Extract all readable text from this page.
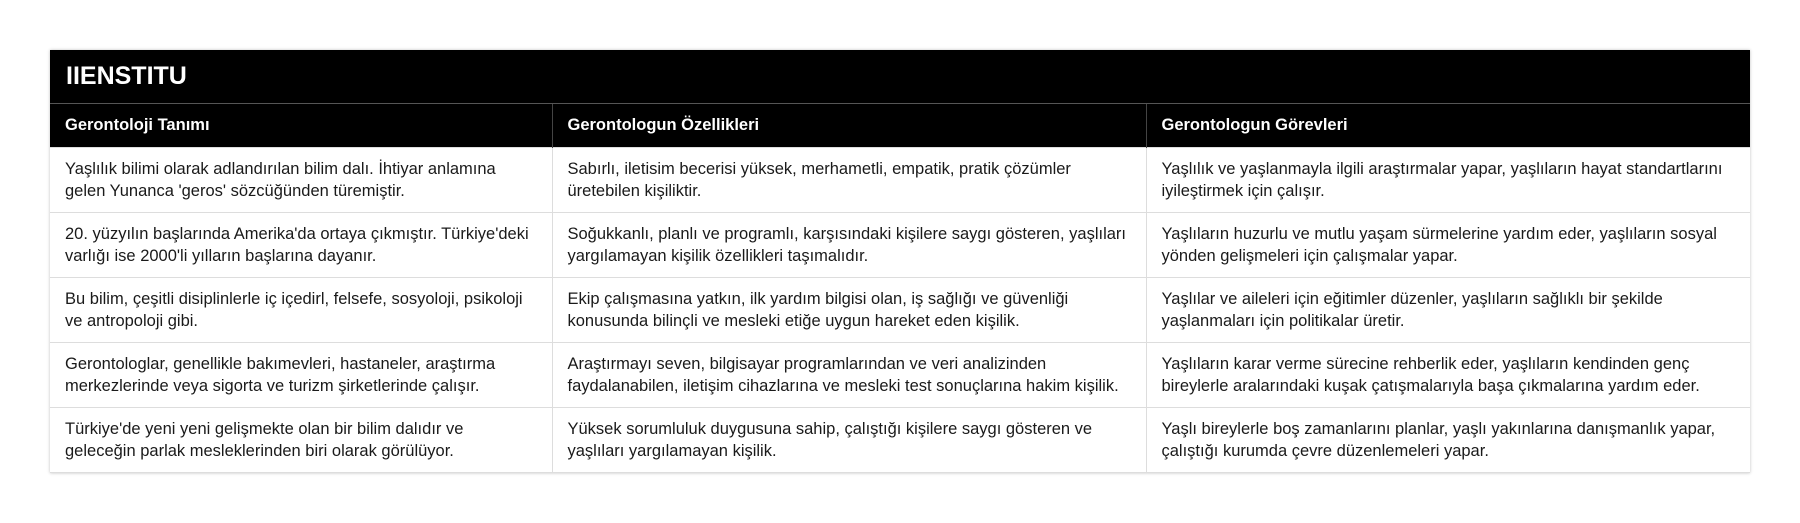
IIENSTITU
Gerontoloji Tanımı	Gerontologun Özellikleri	Gerontologun Görevleri
Yaşlılık bilimi olarak adlandırılan bilim dalı. İhtiyar anlamına gelen Yunanca 'geros' sözcüğünden türemiştir.	Sabırlı, iletisim becerisi yüksek, merhametli, empatik, pratik çözümler üretebilen kişiliktir.	Yaşlılık ve yaşlanmayla ilgili araştırmalar yapar, yaşlıların hayat standartlarını iyileştirmek için çalışır.
20. yüzyılın başlarında Amerika'da ortaya çıkmıştır. Türkiye'deki varlığı ise 2000'li yılların başlarına dayanır.	Soğukkanlı, planlı ve programlı, karşısındaki kişilere saygı gösteren, yaşlıları yargılamayan kişilik özellikleri taşımalıdır.	Yaşlıların huzurlu ve mutlu yaşam sürmelerine yardım eder, yaşlıların sosyal yönden gelişmeleri için çalışmalar yapar.
Bu bilim, çeşitli disiplinlerle iç içedirl, felsefe, sosyoloji, psikoloji ve antropoloji gibi.	Ekip çalışmasına yatkın, ilk yardım bilgisi olan, iş sağlığı ve güvenliği konusunda bilinçli ve mesleki etiğe uygun hareket eden kişilik.	Yaşlılar ve aileleri için eğitimler düzenler, yaşlıların sağlıklı bir şekilde yaşlanmaları için politikalar üretir.
Gerontologlar, genellikle bakımevleri, hastaneler, araştırma merkezlerinde veya sigorta ve turizm şirketlerinde çalışır.	Araştırmayı seven, bilgisayar programlarından ve veri analizinden faydalanabilen, iletişim cihazlarına ve mesleki test sonuçlarına hakim kişilik.	Yaşlıların karar verme sürecine rehberlik eder, yaşlıların kendinden genç bireylerle aralarındaki kuşak çatışmalarıyla başa çıkmalarına yardım eder.
Türkiye'de yeni yeni gelişmekte olan bir bilim dalıdır ve geleceğin parlak mesleklerinden biri olarak görülüyor.	Yüksek sorumluluk duygusuna sahip, çalıştığı kişilere saygı gösteren ve yaşlıları yargılamayan kişilik.	Yaşlı bireylerle boş zamanlarını planlar, yaşlı yakınlarına danışmanlık yapar, çalıştığı kurumda çevre düzenlemeleri yapar.
